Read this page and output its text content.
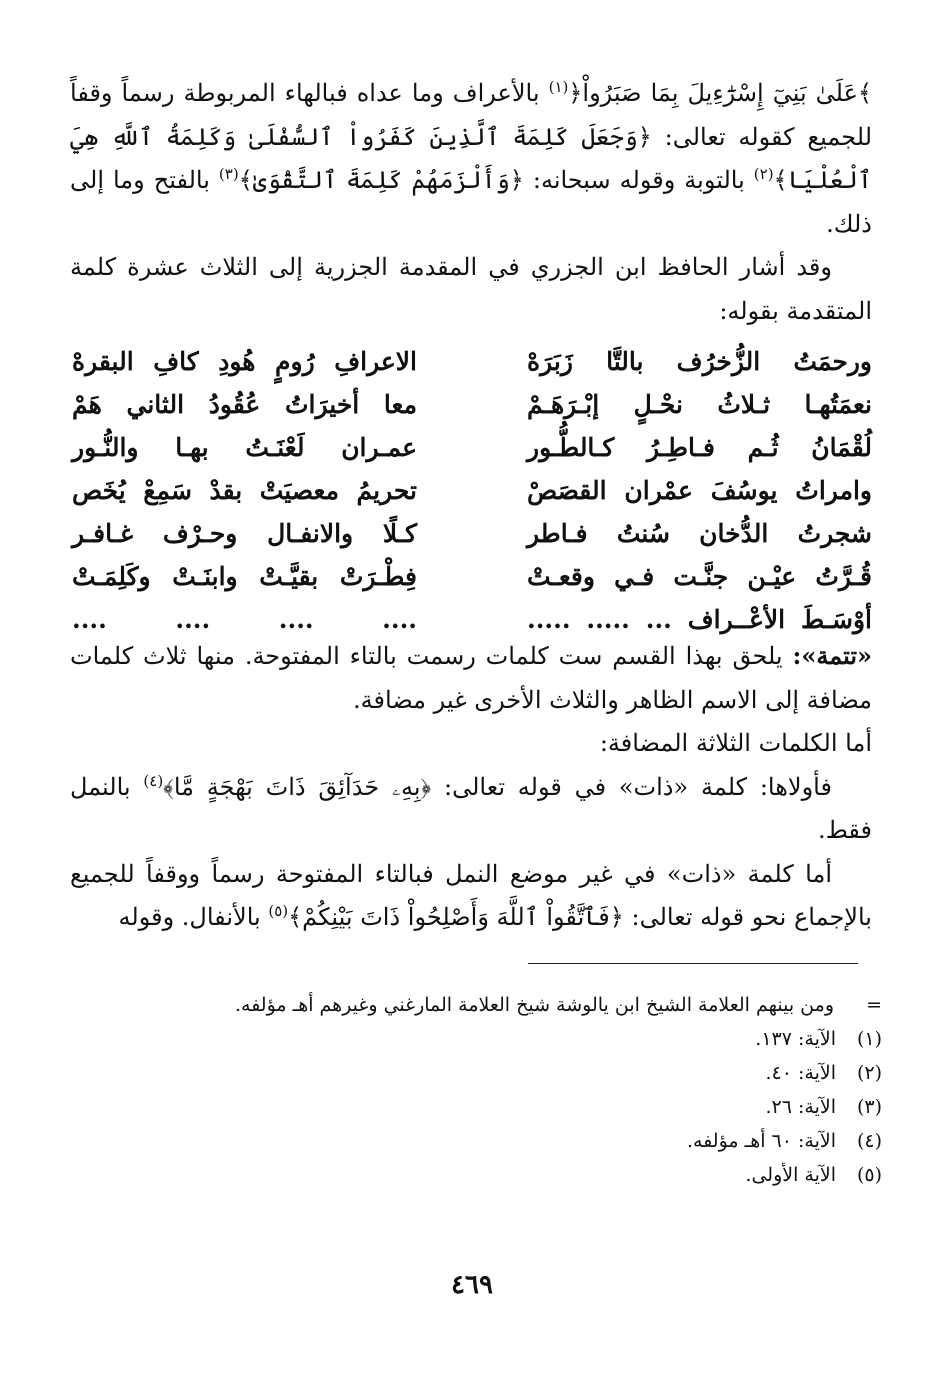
﴾عَلَىٰ بَنِيٓ إِسْرَٰٓءِيلَ بِمَا صَبَرُواْ﴿$^{(١)}$ بالأعراف وما عداه فبالهاء المربوطة رسماً وقفاً للجميع كقوله تعالى: ﴿وَجَعَلَ كَلِمَةَ ٱلَّذِينَ كَفَرُواْ ٱلسُّفْلَىٰ وَكَلِمَةُ ٱللَّهِ هِيَ ٱلْعُلْيَا﴾$^{(٢)}$ بالتوبة وقوله سبحانه: ﴿وَأَلْزَمَهُمْ كَلِمَةَ ٱلتَّقْوَىٰ﴾$^{(٣)}$ بالفتح وما إلى ذلك.

وقد أشار الحافظ ابن الجزري في المقدمة الجزرية إلى الثلاث عشرة كلمة المتقدمة بقوله:

ورحمَتُ الزُّخرُف بالتَّا زَبَرَهْ
الاعرافِ رُومٍ هُودِ كافِ البقرهْ
نعمَتُهـا ثـلاثُ نحْـلٍ إبْـرَهَـمْ
معا أخيرَاتُ عُقُودُ الثاني هَمْ
لُقْمَانُ ثُـم فـاطِـرُ كـالطُّـور
عمـران لَعْنَـتُ بهـا والنُّـور
وامراتُ يوسُفَ عمْران القصَصْ
تحريمُ معصيَتْ بقدْ سَمِعْ يُخَص
شجرتُ الدُّخان سُنتُ فـاطر
كـلًا والانفـال وحـرْف غـافـر
قُـرَّتُ عيْـن جنَّـت فـي وقعـتْ
فِطْـرَتْ بقيَّـتْ وابنَـتْ وكَلِمَـتْ
أوْسَـطَ الأعْــراف ... ..... .....
.... .... .... ....

«تتمة»: يلحق بهذا القسم ست كلمات رسمت بالتاء المفتوحة. منها ثلاث كلمات مضافة إلى الاسم الظاهر والثلاث الأخرى غير مضافة.

أما الكلمات الثلاثة المضافة:

فأولاها: كلمة «ذات» في قوله تعالى: ﴿بِهِۦ حَدَآئِقَ ذَاتَ بَهْجَةٍ مَّا﴾$^{(٤)}$ بالنمل فقط.

أما كلمة «ذات» في غير موضع النمل فبالتاء المفتوحة رسماً ووقفاً للجميع بالإجماع نحو قوله تعالى: ﴿فَٱتَّقُواْ ٱللَّهَ وَأَصْلِحُواْ ذَاتَ بَيْنِكُمْ﴾$^{(٥)}$ بالأنفال. وقوله

=
ومن بينهم العلامة الشيخ ابن يالوشة شيخ العلامة المارغني وغيرهم أهـ مؤلفه.
(١)
الآية: ١٣٧.
(٢)
الآية: ٤٠.
(٣)
الآية: ٢٦.
(٤)
الآية: ٦٠ أهـ مؤلفه.
(٥)
الآية الأولى.
٤٦٩
